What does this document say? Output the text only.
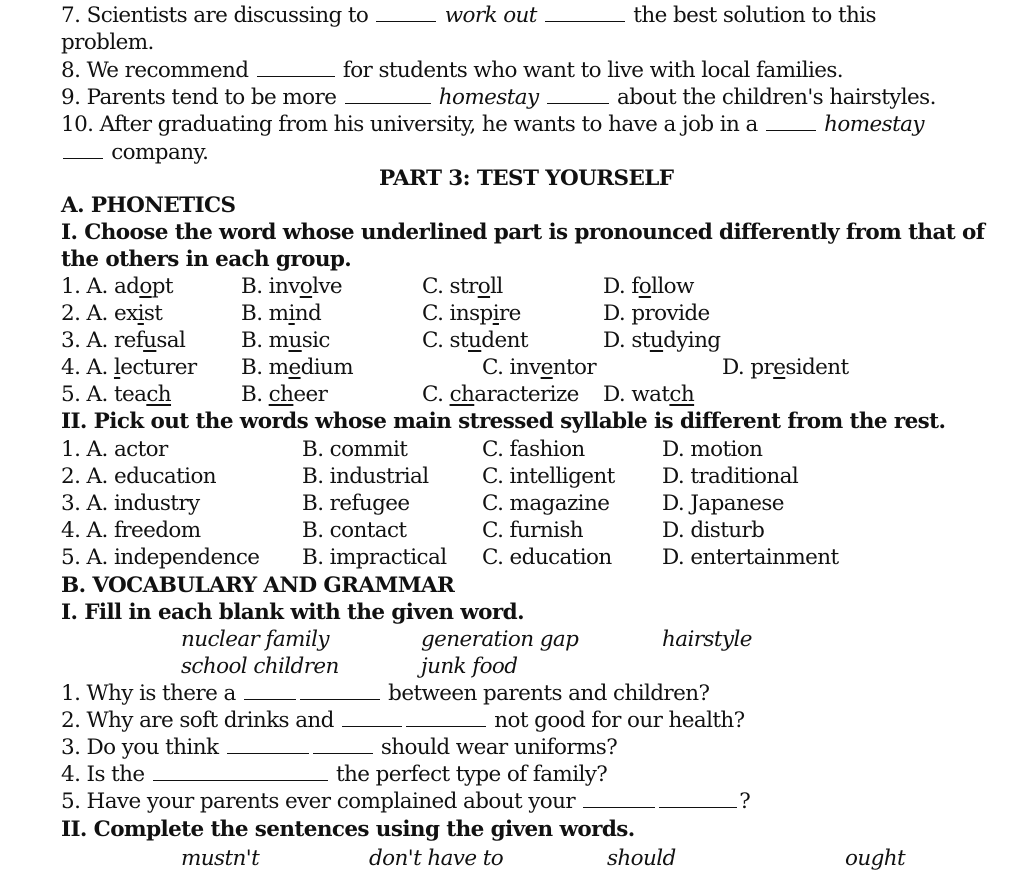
7. Scientists are discussing to	work out	the best solution to this
problem.
8. We recommend	for students who want to live with local families.
9. Parents tend to be more	homestay	about the children's hairstyles.
10. After graduating from his university, he wants to have a job in a	homestay
company.
PART 3: TEST YOURSELF
A. PHONETICS
I. Choose the word whose underlined part is pronounced differently from that of
the others in each group.
1. A. adopt	B. involve	C. stroll	D. follow
2. A. exist	B. mind	C. inspire	D. provide
3. A. refusal	B. music	C. student	D. studying
4. A. lecturer B. medium	C. inventor	D. president
5. A. teach	B. cheer	C. characterize D. watch
II. Pick out the words whose main stressed syllable is different from the rest.
1. A. actor	B. commit	C. fashion	D. motion
2. A. education	B. industrial C. intelligent D. traditional
3. A. industry	B. refugee	C. magazine D. Japanese
4. A. freedom	B. contact	C. furnish	D. disturb
5. A. independence B. impractical C. education D. entertainment
B. VOCABULARY AND GRAMMAR
I. Fill in each blank with the given word.
nuclear family	generation gap	hairstyle
school children	junk food
1. Why is there a	between parents and children?
2. Why are soft drinks and	not good for our health?
3. Do you think	should wear uniforms?
4. Is the	the perfect type of family?
5. Have your parents ever complained about your	?
II. Complete the sentences using the given words.
mustn't	don't have to	should	ought
